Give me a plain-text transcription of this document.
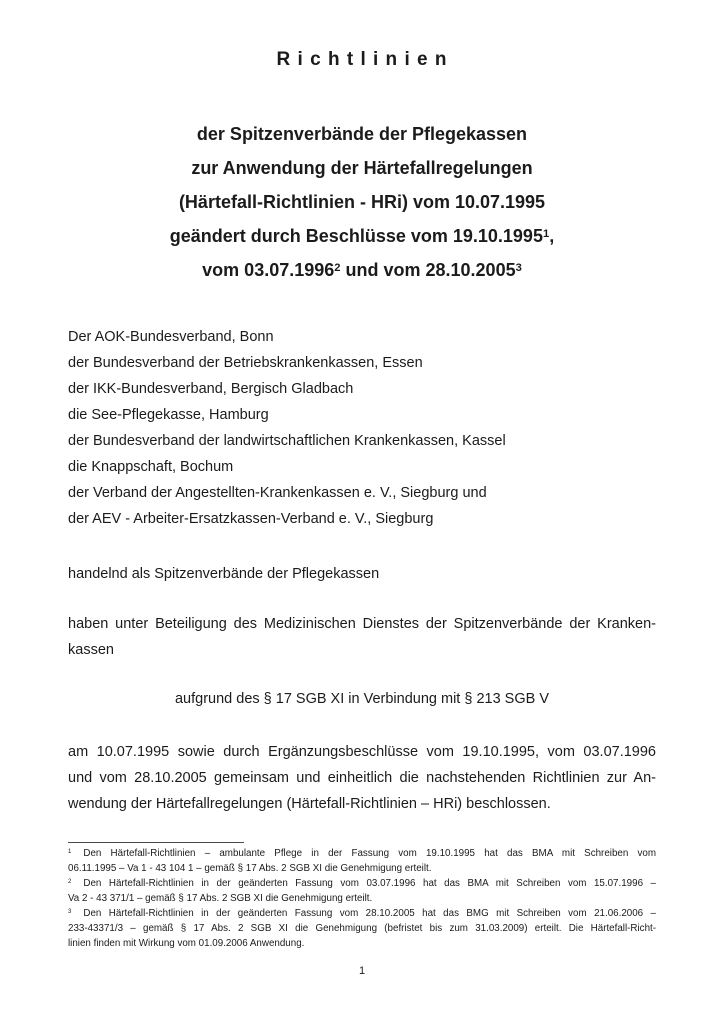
R i c h t l i n i e n
der Spitzenverbände der Pflegekassen
zur Anwendung der Härtefallregelungen
(Härtefall-Richtlinien - HRi) vom 10.07.1995
geändert durch Beschlüsse vom 19.10.1995$^1$,
vom 03.07.1996$^2$ und vom 28.10.2005$^3$
Der AOK-Bundesverband, Bonn
der Bundesverband der Betriebskrankenkassen, Essen
der IKK-Bundesverband, Bergisch Gladbach
die See-Pflegekasse, Hamburg
der Bundesverband der landwirtschaftlichen Krankenkassen, Kassel
die Knappschaft, Bochum
der Verband der Angestellten-Krankenkassen e. V., Siegburg und
der AEV - Arbeiter-Ersatzkassen-Verband e. V., Siegburg
handelnd als Spitzenverbände der Pflegekassen
haben unter Beteiligung des Medizinischen Dienstes der Spitzenverbände der Kranken-
kassen
aufgrund des § 17 SGB XI in Verbindung mit § 213 SGB V
am 10.07.1995 sowie durch Ergänzungsbeschlüsse vom 19.10.1995, vom 03.07.1996
und vom 28.10.2005 gemeinsam und einheitlich die nachstehenden Richtlinien zur An-
wendung der Härtefallregelungen (Härtefall-Richtlinien – HRi) beschlossen.
$^1$ Den Härtefall-Richtlinien – ambulante Pflege in der Fassung vom 19.10.1995 hat das BMA mit Schreiben vom
06.11.1995 – Va 1 - 43 104 1 – gemäß § 17 Abs. 2 SGB XI die Genehmigung erteilt.
$^2$ Den Härtefall-Richtlinien in der geänderten Fassung vom 03.07.1996 hat das BMA mit Schreiben vom 15.07.1996 –
Va 2 - 43 371/1 – gemäß § 17 Abs. 2 SGB XI die Genehmigung erteilt.
$^3$ Den Härtefall-Richtlinien in der geänderten Fassung vom 28.10.2005 hat das BMG mit Schreiben vom 21.06.2006 –
233-43371/3 – gemäß § 17 Abs. 2 SGB XI die Genehmigung (befristet bis zum 31.03.2009) erteilt. Die Härtefall-Richt-
linien finden mit Wirkung vom 01.09.2006 Anwendung.
1
